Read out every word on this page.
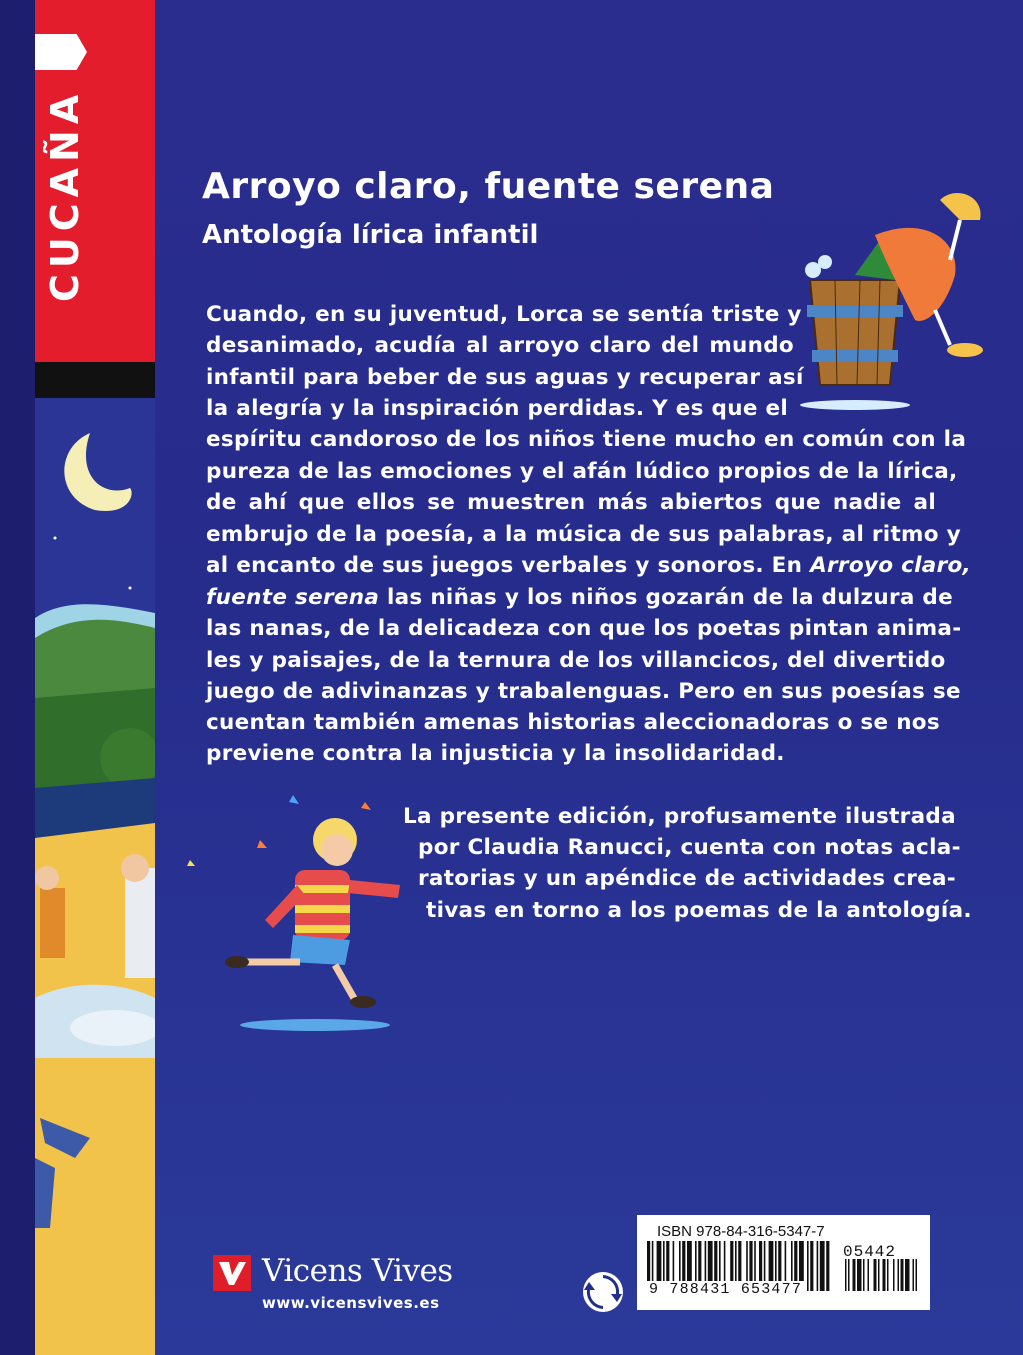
CUCAÑA	Arroyo claro, fuente serena
Antología lírica infantil
Cuando, en su juventud, Lorca se sentía triste y
desanimado, acudía al arroyo claro del mundo
infantil para beber de sus aguas y recuperar así
la alegría y la inspiración perdidas. Y es que el
espíritu candoroso de los niños tiene mucho en común con la
pureza de las emociones y el afán lúdico propios de la lírica,
de ahí que ellos se muestren más abiertos que nadie al
embrujo de la poesía, a la música de sus palabras, al ritmo y
al encanto de sus juegos verbales y sonoros. En Arroyo claro,
fuente serena las niñas y los niños gozarán de la dulzura de
las nanas, de la delicadeza con que los poetas pintan anima-
les y paisajes, de la ternura de los villancicos, del divertido
juego de adivinanzas y trabalenguas. Pero en sus poesías se
cuentan también amenas historias aleccionadoras o se nos
previene contra la injusticia y la insolidaridad.
La presente edición, profusamente ilustrada
por Claudia Ranucci, cuenta con notas acla-
ratorias y un apéndice de actividades crea-
tivas en torno a los poemas de la antología.
Vicens Vives
www.vicensvives.es
ISBN 978-84-316-5347-7
05442
9 788431 653477
